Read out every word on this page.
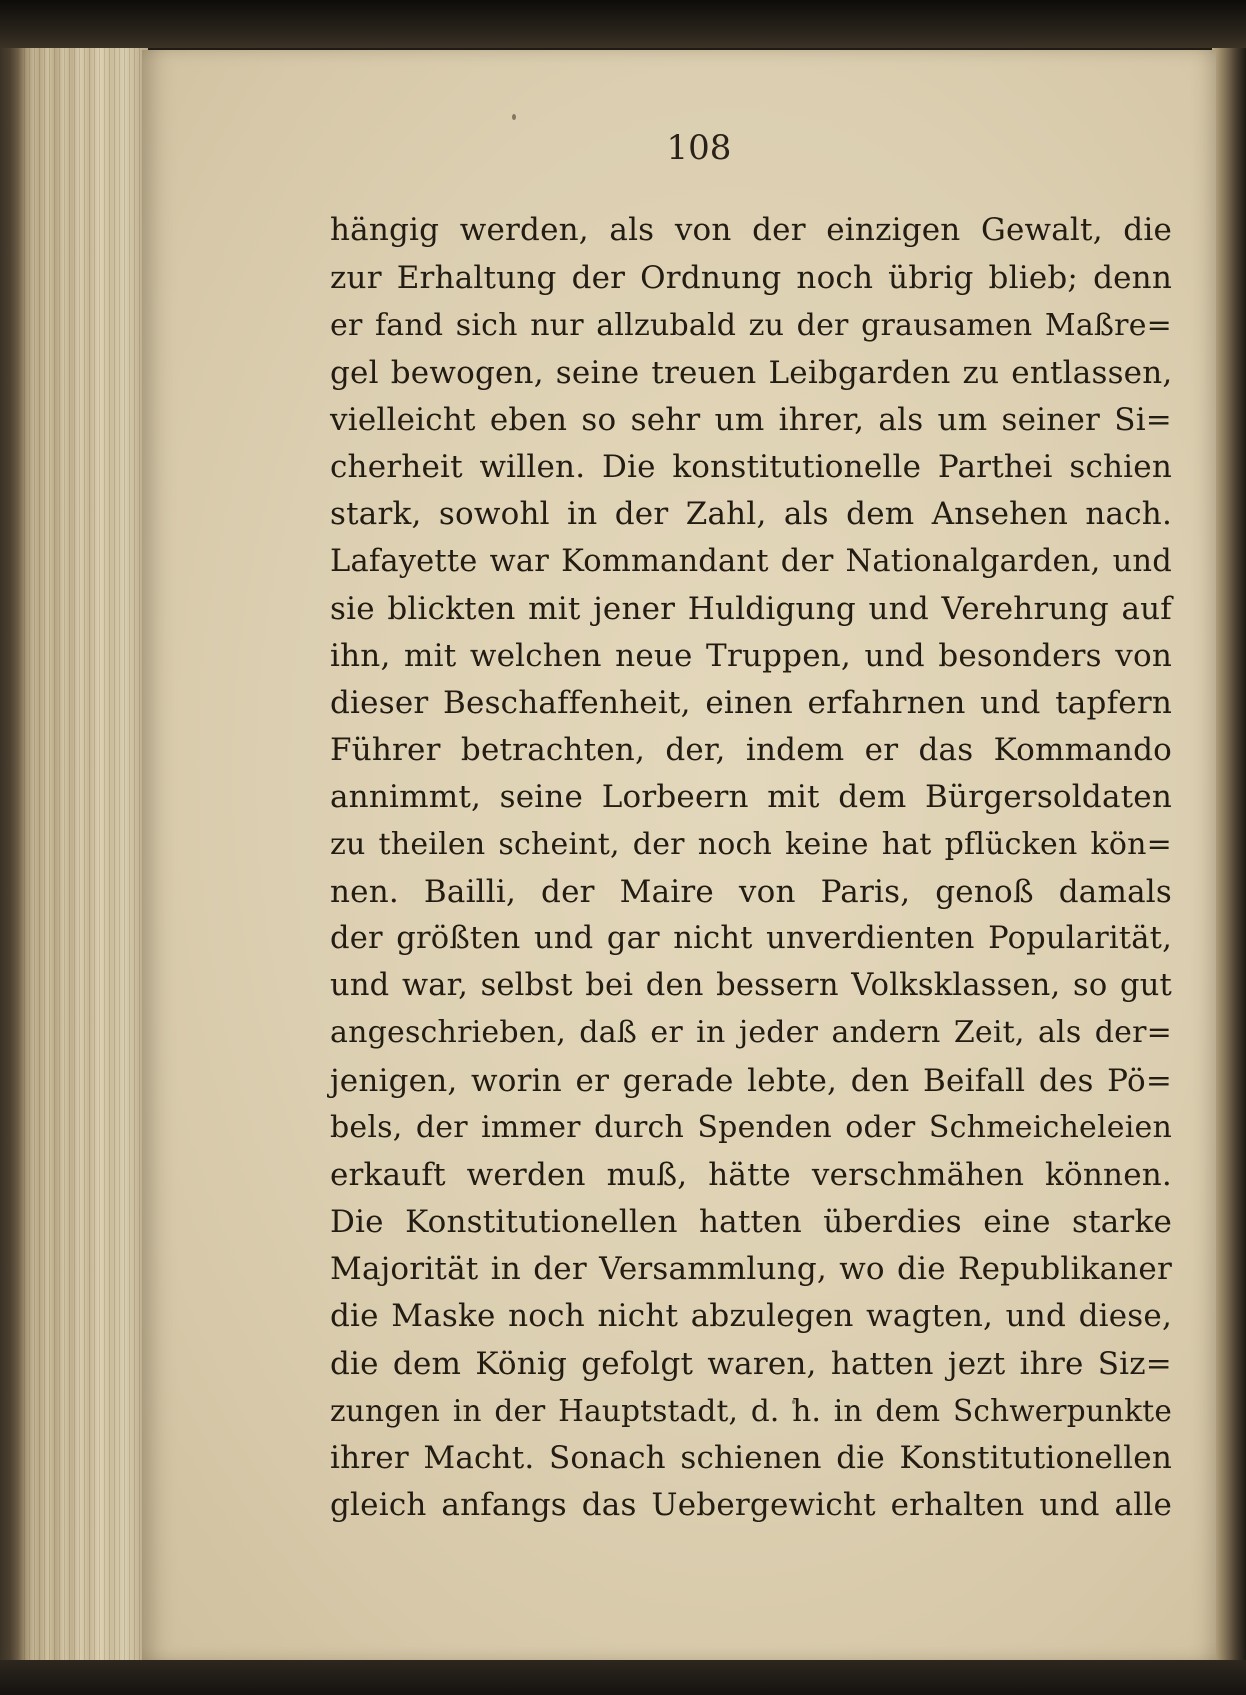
108
hängig werden, als von der einzigen Gewalt, die
zur Erhaltung der Ordnung noch übrig blieb; denn
er fand sich nur allzubald zu der grausamen Maßre=
gel bewogen, seine treuen Leibgarden zu entlassen,
vielleicht eben so sehr um ihrer, als um seiner Si=
cherheit willen. Die konstitutionelle Parthei schien
stark, sowohl in der Zahl, als dem Ansehen nach.
Lafayette war Kommandant der Nationalgarden, und
sie blickten mit jener Huldigung und Verehrung auf
ihn, mit welchen neue Truppen, und besonders von
dieser Beschaffenheit, einen erfahrnen und tapfern
Führer betrachten, der, indem er das Kommando
annimmt, seine Lorbeern mit dem Bürgersoldaten
zu theilen scheint, der noch keine hat pflücken kön=
nen. Bailli, der Maire von Paris, genoß damals
der größten und gar nicht unverdienten Popularität,
und war, selbst bei den bessern Volksklassen, so gut
angeschrieben, daß er in jeder andern Zeit, als der=
jenigen, worin er gerade lebte, den Beifall des Pö=
bels, der immer durch Spenden oder Schmeicheleien
erkauft werden muß, hätte verschmähen können.
Die Konstitutionellen hatten überdies eine starke
Majorität in der Versammlung, wo die Republikaner
die Maske noch nicht abzulegen wagten, und diese,
die dem König gefolgt waren, hatten jezt ihre Siz=
zungen in der Hauptstadt, d. h. in dem Schwerpunkte
ihrer Macht. Sonach schienen die Konstitutionellen
gleich anfangs das Uebergewicht erhalten und alle
